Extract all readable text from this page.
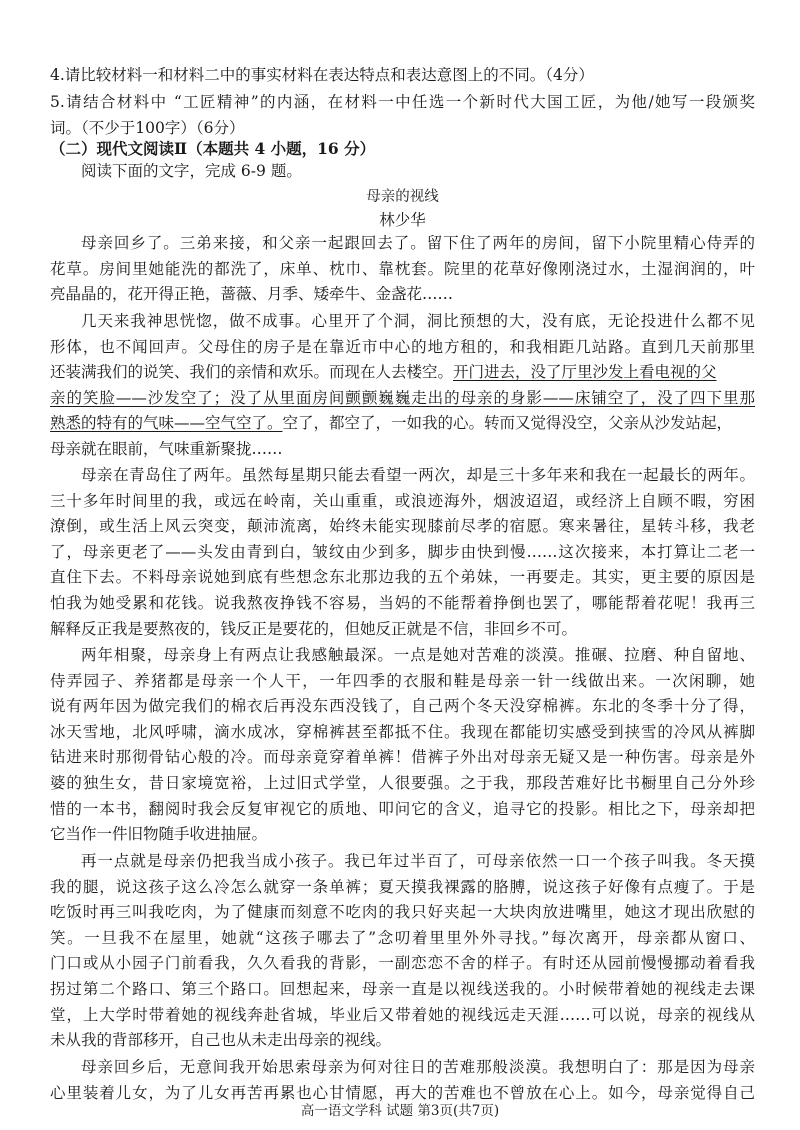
4.请比较材料一和材料二中的事实材料在表达特点和表达意图上的不同。（4分）
5.请结合材料中 “工匠精神”的内涵，在材料一中任选一个新时代大国工匠，为他/她写一段颁奖
词。（不少于100字）（6分）
（二）现代文阅读Ⅱ（本题共 4 小题，16 分）
阅读下面的文字，完成 6-9 题。
母亲的视线
林少华
母亲回乡了。三弟来接，和父亲一起跟回去了。留下住了两年的房间，留下小院里精心侍弄的
花草。房间里她能洗的都洗了，床单、枕巾、靠枕套。院里的花草好像刚浇过水，土湿润润的，叶
亮晶晶的，花开得正艳，蔷薇、月季、矮牵牛、金盏花……
几天来我神思恍惚，做不成事。心里开了个洞，洞比预想的大，没有底，无论投进什么都不见
形体，也不闻回声。父母住的房子是在靠近市中心的地方租的，和我相距几站路。直到几天前那里
还装满我们的说笑、我们的亲情和欢乐。而现在人去楼空。开门进去，没了厅里沙发上看电视的父
亲的笑脸——沙发空了；没了从里面房间颤颤巍巍走出的母亲的身影——床铺空了，没了四下里那
熟悉的特有的气味——空气空了。空了，都空了，一如我的心。转而又觉得没空，父亲从沙发站起，
母亲就在眼前，气味重新聚拢……
母亲在青岛住了两年。虽然每星期只能去看望一两次，却是三十多年来和我在一起最长的两年。
三十多年时间里的我，或远在岭南，关山重重，或浪迹海外，烟波迢迢，或经济上自顾不暇，穷困
潦倒，或生活上风云突变，颠沛流离，始终未能实现膝前尽孝的宿愿。寒来暑往，星转斗移，我老
了，母亲更老了——头发由青到白，皱纹由少到多，脚步由快到慢……这次接来，本打算让二老一
直住下去。不料母亲说她到底有些想念东北那边我的五个弟妹，一再要走。其实，更主要的原因是
怕我为她受累和花钱。说我熬夜挣钱不容易，当妈的不能帮着挣倒也罢了，哪能帮着花呢！我再三
解释反正我是要熬夜的，钱反正是要花的，但她反正就是不信，非回乡不可。
两年相聚，母亲身上有两点让我感触最深。一点是她对苦难的淡漠。推碾、拉磨、种自留地、
侍弄园子、养猪都是母亲一个人干，一年四季的衣服和鞋是母亲一针一线做出来。一次闲聊，她
说有两年因为做完我们的棉衣后再没东西没钱了，自己两个冬天没穿棉裤。东北的冬季十分了得，
冰天雪地，北风呼啸，滴水成冰，穿棉裤甚至都抵不住。我现在都能切实感受到挟雪的冷风从裤脚
钻进来时那彻骨钻心般的冷。而母亲竟穿着单裤！借裤子外出对母亲无疑又是一种伤害。母亲是外
婆的独生女，昔日家境宽裕，上过旧式学堂，人很要强。之于我，那段苦难好比书橱里自己分外珍
惜的一本书，翻阅时我会反复审视它的质地、叩问它的含义，追寻它的投影。相比之下，母亲却把
它当作一件旧物随手收进抽屉。
再一点就是母亲仍把我当成小孩子。我已年过半百了，可母亲依然一口一个孩子叫我。冬天摸
我的腿，说这孩子这么冷怎么就穿一条单裤；夏天摸我裸露的胳膊，说这孩子好像有点瘦了。于是
吃饭时再三叫我吃肉，为了健康而刻意不吃肉的我只好夹起一大块肉放进嘴里，她这才现出欣慰的
笑。一旦我不在屋里，她就“这孩子哪去了”念叨着里里外外寻找。”每次离开，母亲都从窗口、
门口或从小园子门前看我，久久看我的背影，一副恋恋不舍的样子。有时还从园前慢慢挪动着看我
拐过第二个路口、第三个路口。回想起来，母亲一直是以视线送我的。小时候带着她的视线走去课
堂，上大学时带着她的视线奔赴省城，毕业后又带着她的视线远走天涯……可以说，母亲的视线从
未从我的背部移开，自己也从未走出母亲的视线。
母亲回乡后，无意间我开始思索母亲为何对往日的苦难那般淡漠。我想明白了：那是因为母亲
心里装着儿女，为了儿女再苦再累也心甘情愿，再大的苦难也不曾放在心上。如今，母亲觉得自己
高一语文学科 试题 第3页(共7页)
